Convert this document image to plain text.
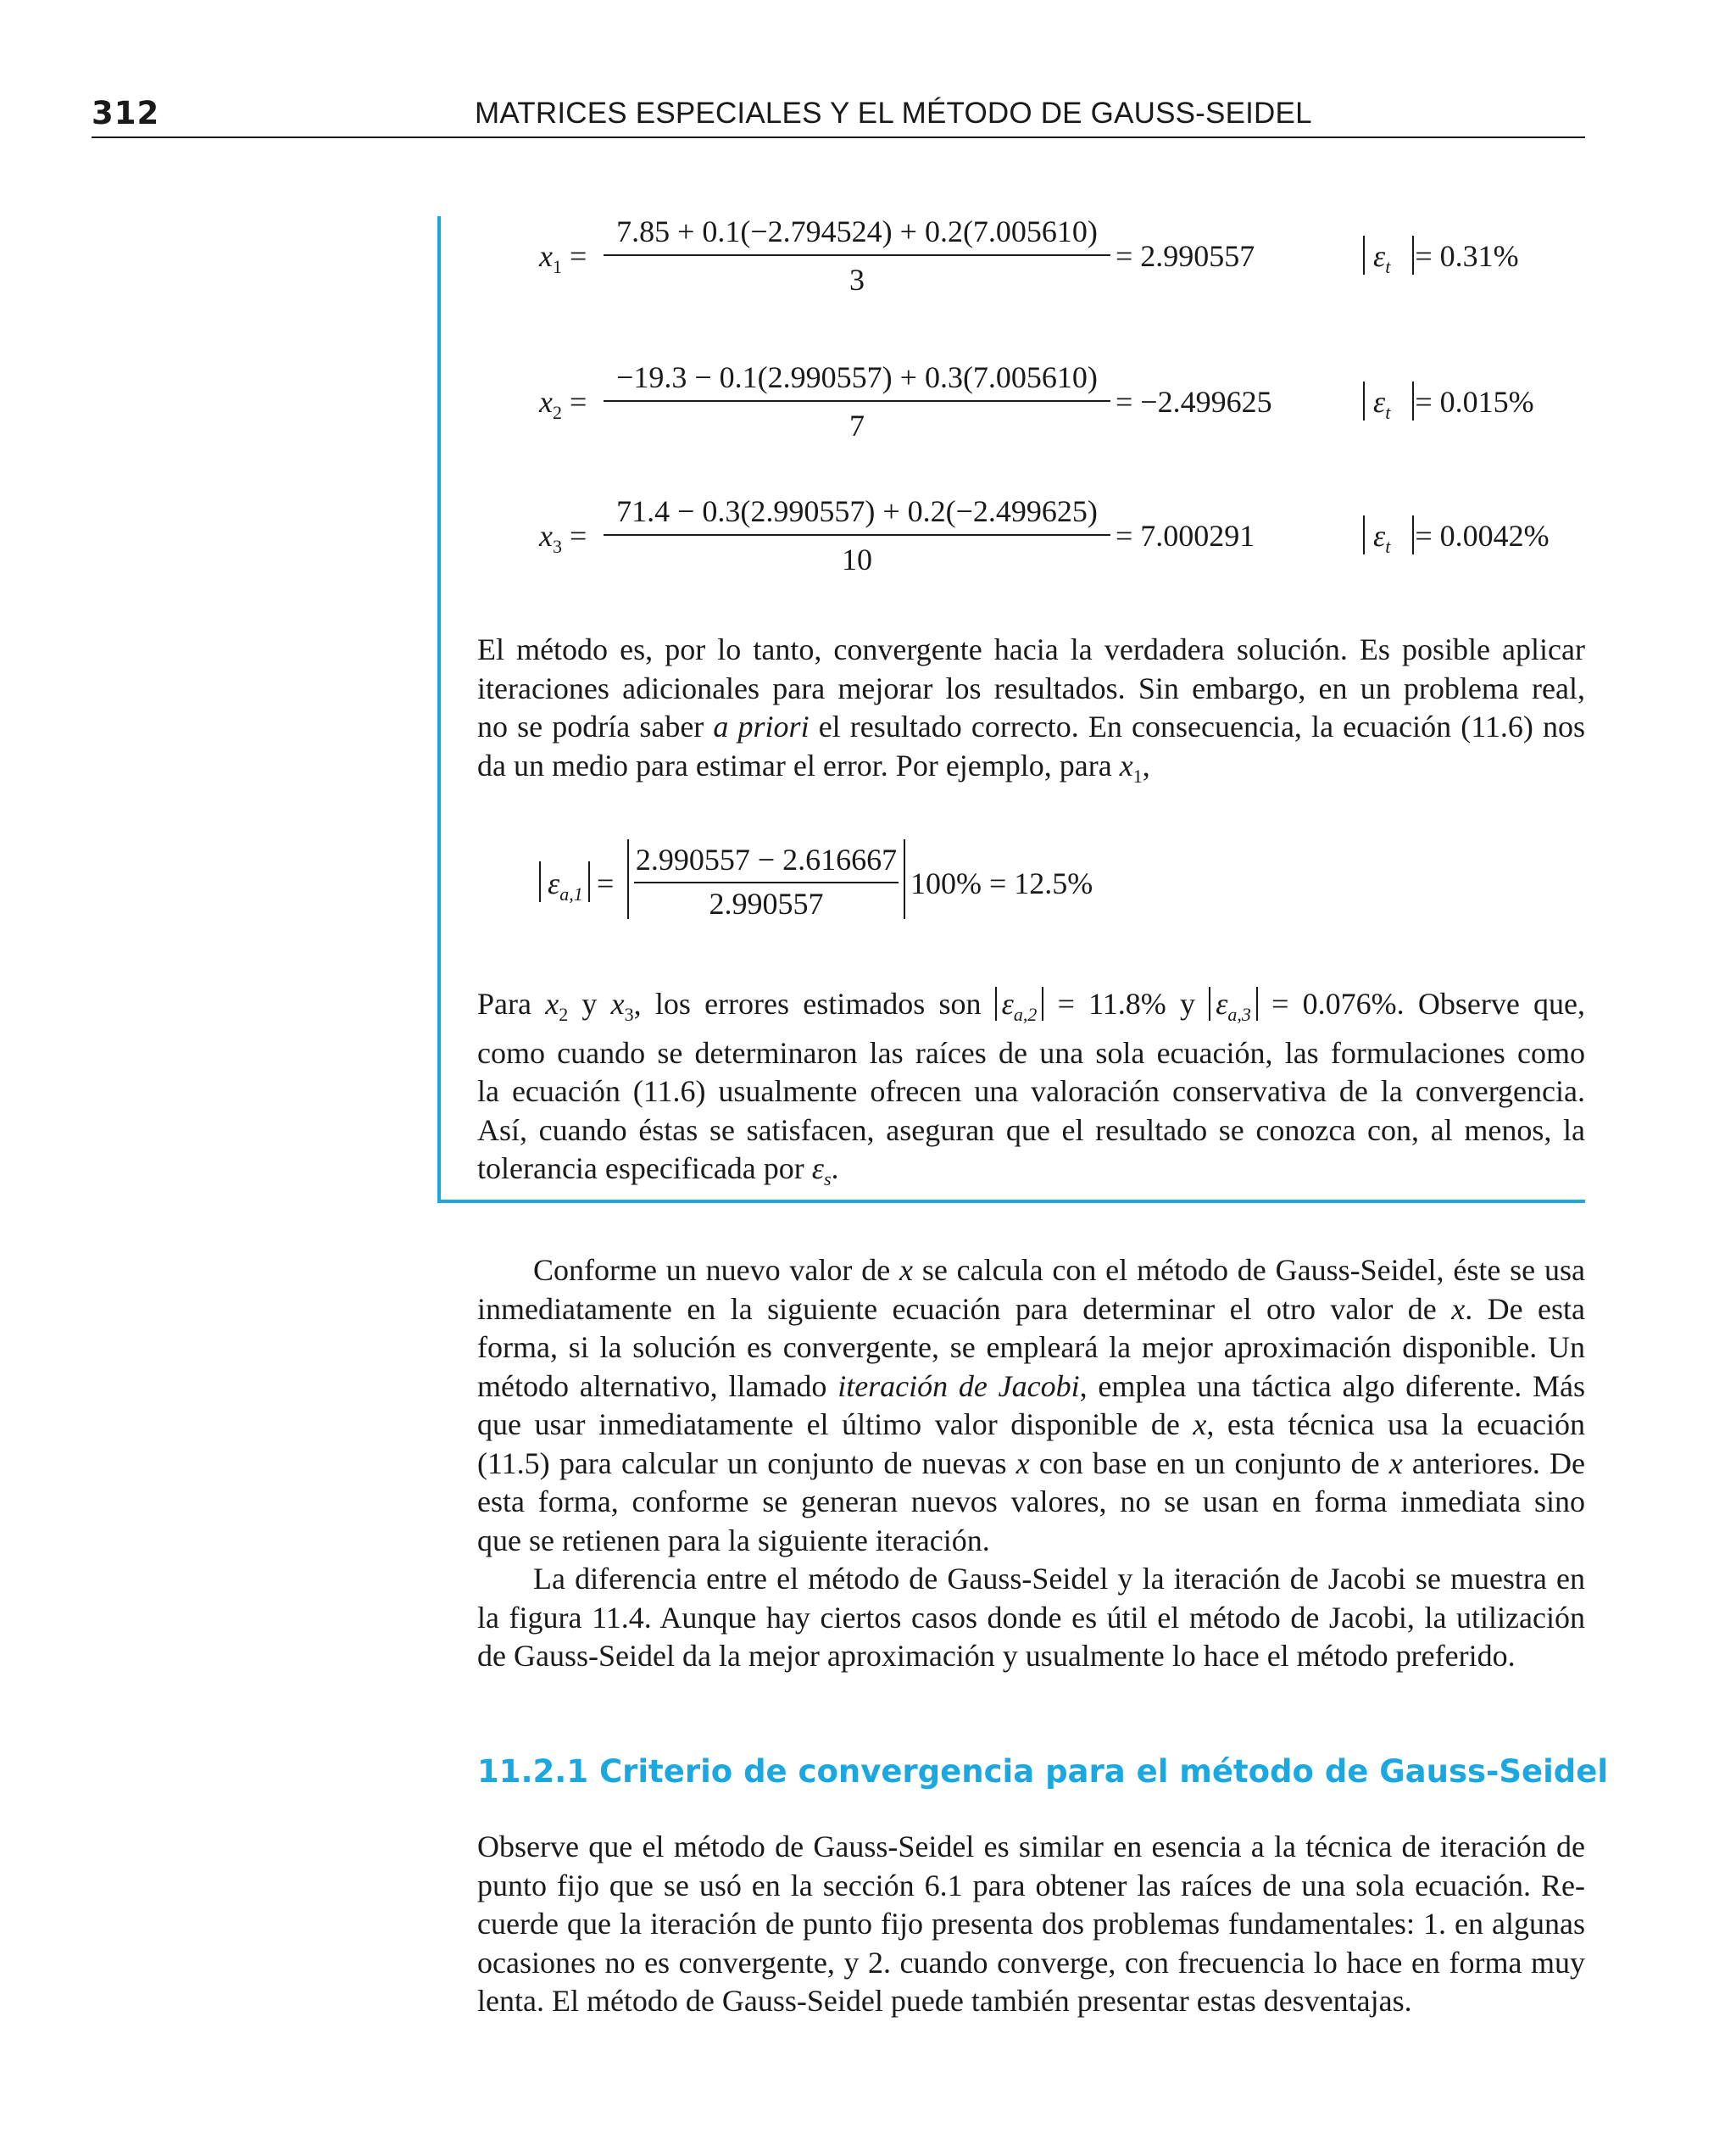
312	MATRICES ESPECIALES Y EL MÉTODO DE GAUSS-SEIDEL
$x_1$ =
7.85 + 0.1(−2.794524) + 0.2(7.005610)
3
= 2.990557	$\varepsilon_t = 0.31\%$
$x_2$ =
−19.3 − 0.1(2.990557) + 0.3(7.005610)
7
= −2.499625	$\varepsilon_t = 0.015\%$
$x_3$ =
71.4 − 0.3(2.990557) + 0.2(−2.499625)
10
= 7.000291	$\varepsilon_t = 0.0042\%$
El método es, por lo tanto, convergente hacia la verdadera solución. Es posible aplicar
iteraciones adicionales para mejorar los resultados. Sin embargo, en un problema real,
no se podría saber a priori el resultado correcto. En consecuencia, la ecuación (11.6) nos
da un medio para estimar el error. Por ejemplo, para $x_1$,
$\varepsilon_{a,1}$ =
2.990557 − 2.616667
2.990557
100% = 12.5%
Para $x_2$ y $x_3$, los errores estimados son $\varepsilon_{a,2} = 11.8\%$ y $\varepsilon_{a,3} = 0.076\%$. Observe que,
como cuando se determinaron las raíces de una sola ecuación, las formulaciones como
la ecuación (11.6) usualmente ofrecen una valoración conservativa de la convergencia.
Así, cuando éstas se satisfacen, aseguran que el resultado se conozca con, al menos, la
tolerancia especificada por $\varepsilon_s$.
Conforme un nuevo valor de x se calcula con el método de Gauss-Seidel, éste se usa
inmediatamente en la siguiente ecuación para determinar el otro valor de x. De esta
forma, si la solución es convergente, se empleará la mejor aproximación disponible. Un
método alternativo, llamado iteración de Jacobi, emplea una táctica algo diferente. Más
que usar inmediatamente el último valor disponible de x, esta técnica usa la ecuación
(11.5) para calcular un conjunto de nuevas x con base en un conjunto de x anteriores. De
esta forma, conforme se generan nuevos valores, no se usan en forma inmediata sino
que se retienen para la siguiente iteración.
La diferencia entre el método de Gauss-Seidel y la iteración de Jacobi se muestra en
la figura 11.4. Aunque hay ciertos casos donde es útil el método de Jacobi, la utilización
de Gauss-Seidel da la mejor aproximación y usualmente lo hace el método preferido.
11.2.1 Criterio de convergencia para el método de Gauss-Seidel
Observe que el método de Gauss-Seidel es similar en esencia a la técnica de iteración de
punto fijo que se usó en la sección 6.1 para obtener las raíces de una sola ecuación. Re-
cuerde que la iteración de punto fijo presenta dos problemas fundamentales: 1. en algunas
ocasiones no es convergente, y 2. cuando converge, con frecuencia lo hace en forma muy
lenta. El método de Gauss-Seidel puede también presentar estas desventajas.
